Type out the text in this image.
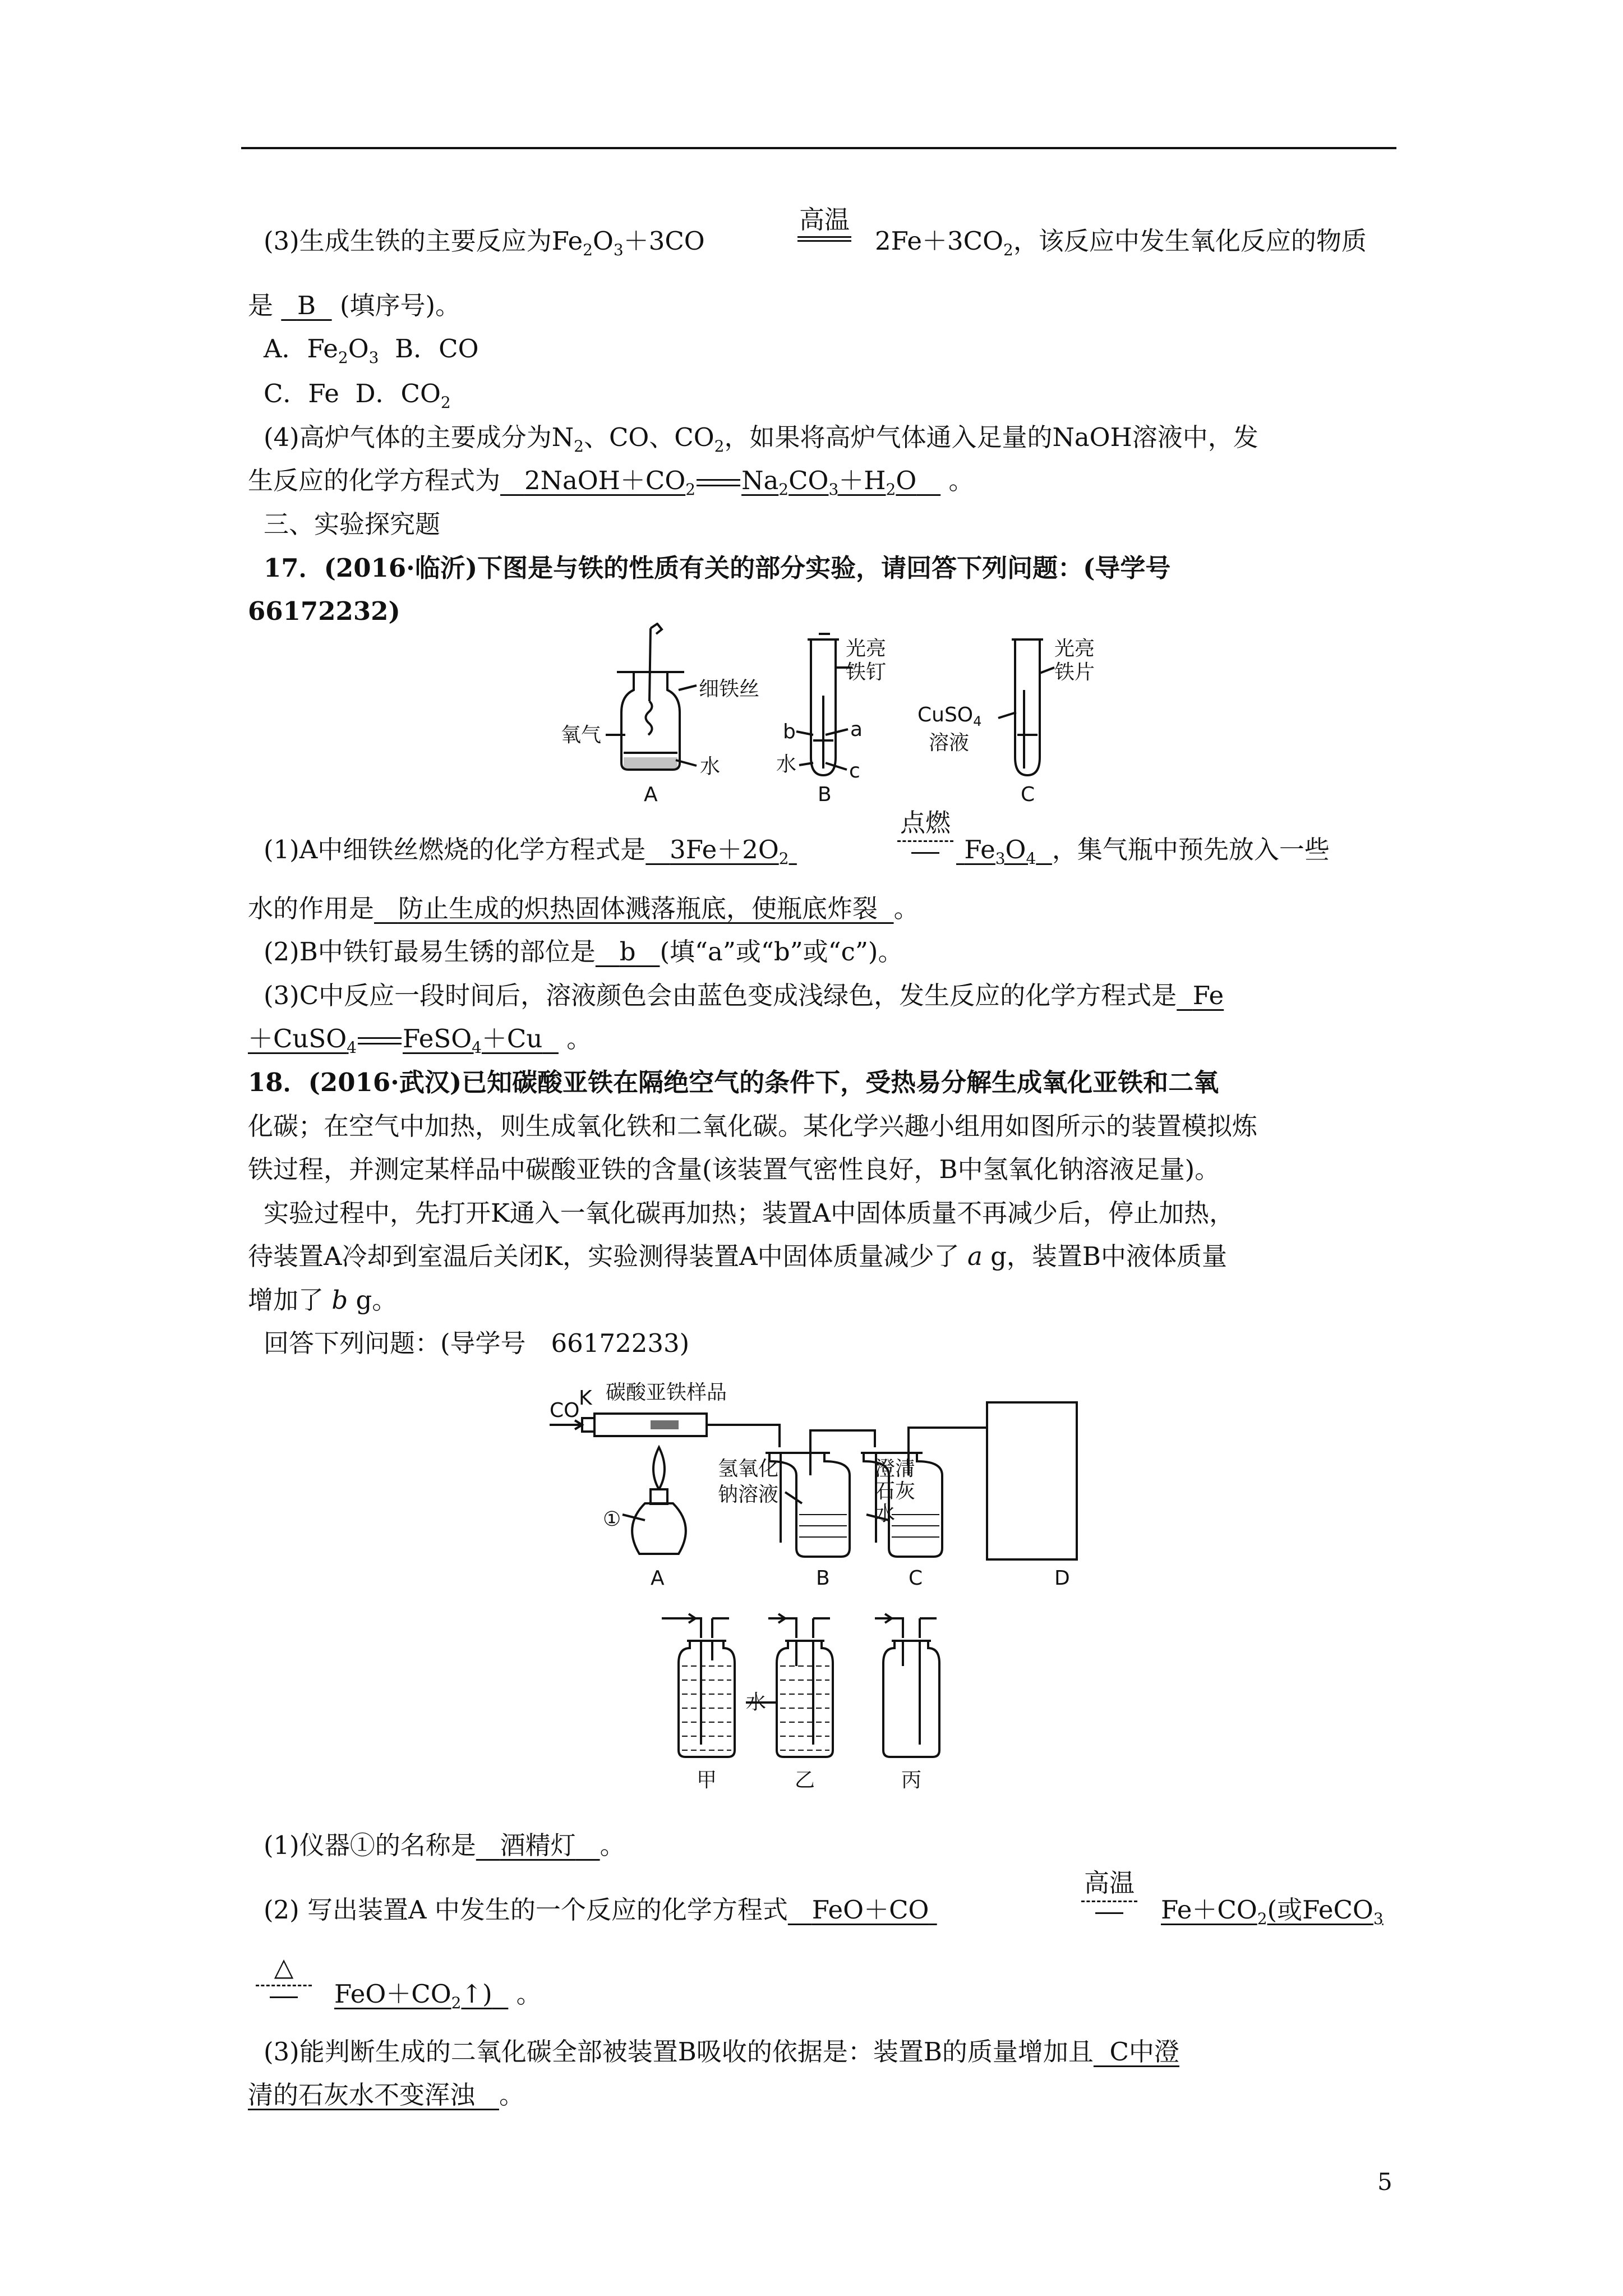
(3)生成生铁的主要反应为$Fe_2O_3+3CO$
高温
$2Fe+3CO_2$，该反应中发生氧化反应的物质
是 B (填序号)。
A．$Fe_2O_3$ B．CO
C．Fe D．$CO_2$
(4)高炉气体的主要成分为$N_2$、CO、$CO_2$，如果将高炉气体通入足量的NaOH溶液中，发
生反应的化学方程式为 $2NaOH+CO_2$ $Na_2CO_3+H_2O$ 。
三、实验探究题
17．(2016·临沂)下图是与铁的性质有关的部分实验，请回答下列问题：(导学号
66172232)
细铁丝
氧气
水
A
光亮
铁钉
b	a
水	c
B
CuSO$_4$
溶液
光亮
铁片
C
(1)A中细铁丝燃烧的化学方程式是 $3Fe+2O_2$
点燃
$Fe_3O_4$ ，集气瓶中预先放入一些
水的作用是 防止生成的炽热固体溅落瓶底，使瓶底炸裂 。
(2)B中铁钉最易生锈的部位是 b (填“a”或“b”或“c”)。
(3)C中反应一段时间后，溶液颜色会由蓝色变成浅绿色，发生反应的化学方程式是 Fe
＋CuSO$_4$ FeSO$_4$＋Cu 。
18．(2016·武汉)已知碳酸亚铁在隔绝空气的条件下，受热易分解生成氧化亚铁和二氧
化碳；在空气中加热，则生成氧化铁和二氧化碳。某化学兴趣小组用如图所示的装置模拟炼
铁过程，并测定某样品中碳酸亚铁的含量(该装置气密性良好，B中氢氧化钠溶液足量)。
实验过程中，先打开K通入一氧化碳再加热；装置A中固体质量不再减少后，停止加热，
待装置A冷却到室温后关闭K，实验测得装置A中固体质量减少了 a g，装置B中液体质量
增加了 b g。
回答下列问题：(导学号　66172233)
CO
K 碳酸亚铁样品
氢氧化
钠溶液
澄清
石灰
水
①
A	B	C	D
水
甲	乙	丙
(1)仪器①的名称是 酒精灯 。
(2) 写出装置A 中发生的一个反应的化学方程式 FeO＋CO
高温
$Fe+CO_2$(或FeCO$_3$
△
$FeO+CO_2↑$) 。
(3)能判断生成的二氧化碳全部被装置B吸收的依据是：装置B的质量增加且 C中澄
清的石灰水不变浑浊 。
5
